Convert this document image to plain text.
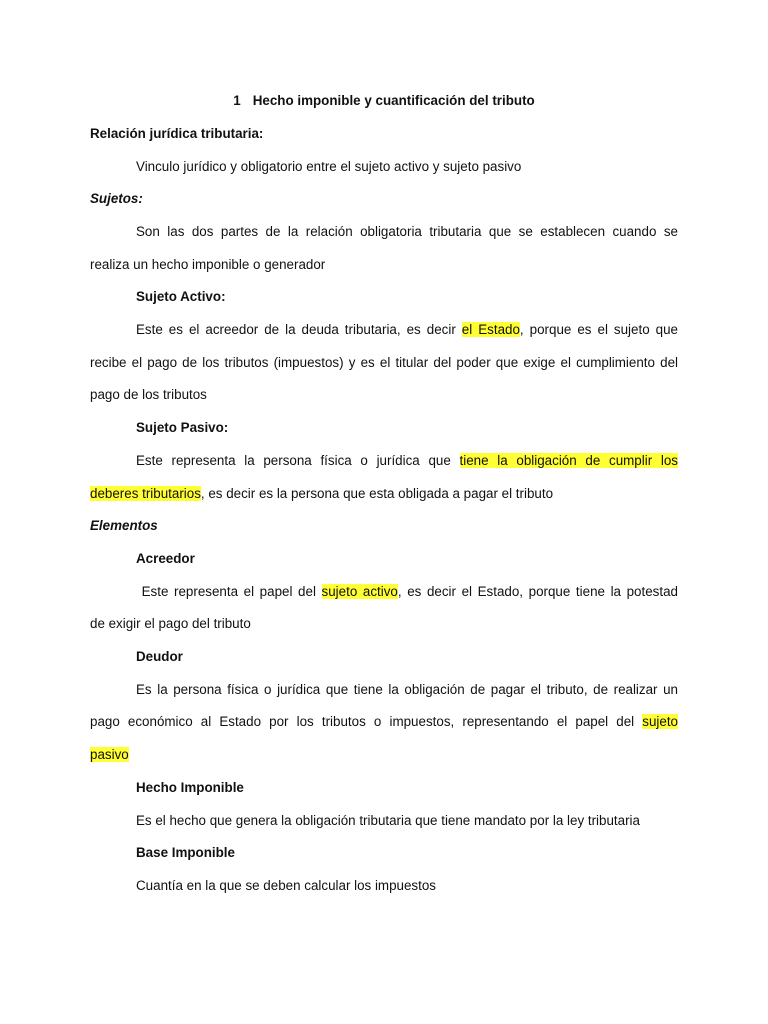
1 Hecho imponible y cuantificación del tributo
Relación jurídica tributaria:
Vinculo jurídico y obligatorio entre el sujeto activo y sujeto pasivo
Sujetos:
Son las dos partes de la relación obligatoria tributaria que se establecen cuando se
realiza un hecho imponible o generador
Sujeto Activo:
Este es el acreedor de la deuda tributaria, es decir el Estado, porque es el sujeto que
recibe el pago de los tributos (impuestos) y es el titular del poder que exige el cumplimiento del
pago de los tributos
Sujeto Pasivo:
Este representa la persona física o jurídica que tiene la obligación de cumplir los
deberes tributarios, es decir es la persona que esta obligada a pagar el tributo
Elementos
Acreedor
Este representa el papel del sujeto activo, es decir el Estado, porque tiene la potestad
de exigir el pago del tributo
Deudor
Es la persona física o jurídica que tiene la obligación de pagar el tributo, de realizar un
pago económico al Estado por los tributos o impuestos, representando el papel del sujeto
pasivo
Hecho Imponible
Es el hecho que genera la obligación tributaria que tiene mandato por la ley tributaria
Base Imponible
Cuantía en la que se deben calcular los impuestos
